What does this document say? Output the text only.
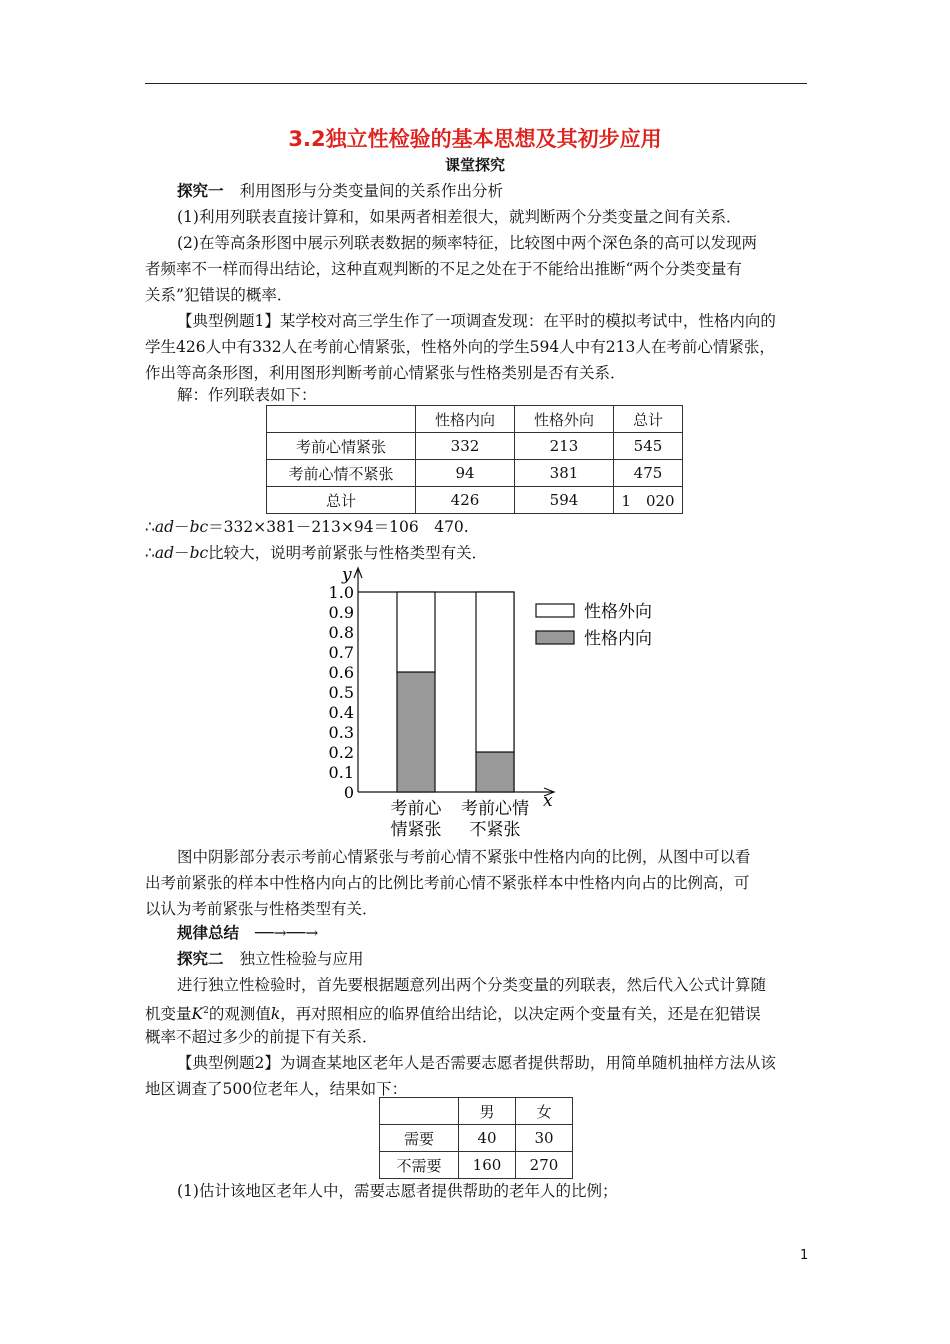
3.2独立性检验的基本思想及其初步应用
课堂探究
探究一 利用图形与分类变量间的关系作出分析
(1)利用列联表直接计算和，如果两者相差很大，就判断两个分类变量之间有关系．
(2)在等高条形图中展示列联表数据的频率特征，比较图中两个深色条的高可以发现两
者频率不一样而得出结论，这种直观判断的不足之处在于不能给出推断“两个分类变量有
关系”犯错误的概率．
【典型例题1】某学校对高三学生作了一项调查发现：在平时的模拟考试中，性格内向的
学生426人中有332人在考前心情紧张，性格外向的学生594人中有213人在考前心情紧张，
作出等高条形图，利用图形判断考前心情紧张与性格类别是否有关系．
解：作列联表如下：
	性格内向	性格外向	总计
考前心情紧张	332	213	545
考前心情不紧张	94	381	475
总计	426	594	1　020
∴ad－bc＝332×381－213×94＝106　470.
∴ad－bc比较大，说明考前紧张与性格类型有关．
y
x
0
0.1
0.2
0.3
0.4
0.5
0.6
0.7
0.8
0.9
1.0
考前心
情紧张
考前心情
不紧张
性格外向
性格内向
图中阴影部分表示考前心情紧张与考前心情不紧张中性格内向的比例，从图中可以看
出考前紧张的样本中性格内向占的比例比考前心情不紧张样本中性格内向占的比例高，可
以认为考前紧张与性格类型有关．
规律总结 ──→──→
探究二 独立性检验与应用
进行独立性检验时，首先要根据题意列出两个分类变量的列联表，然后代入公式计算随
机变量$K^2$的观测值k，再对照相应的临界值给出结论，以决定两个变量有关，还是在犯错误
概率不超过多少的前提下有关系．
【典型例题2】为调查某地区老年人是否需要志愿者提供帮助，用简单随机抽样方法从该
地区调查了500位老年人，结果如下：
	男	女
需要	40	30
不需要	160	270
(1)估计该地区老年人中，需要志愿者提供帮助的老年人的比例；
1
